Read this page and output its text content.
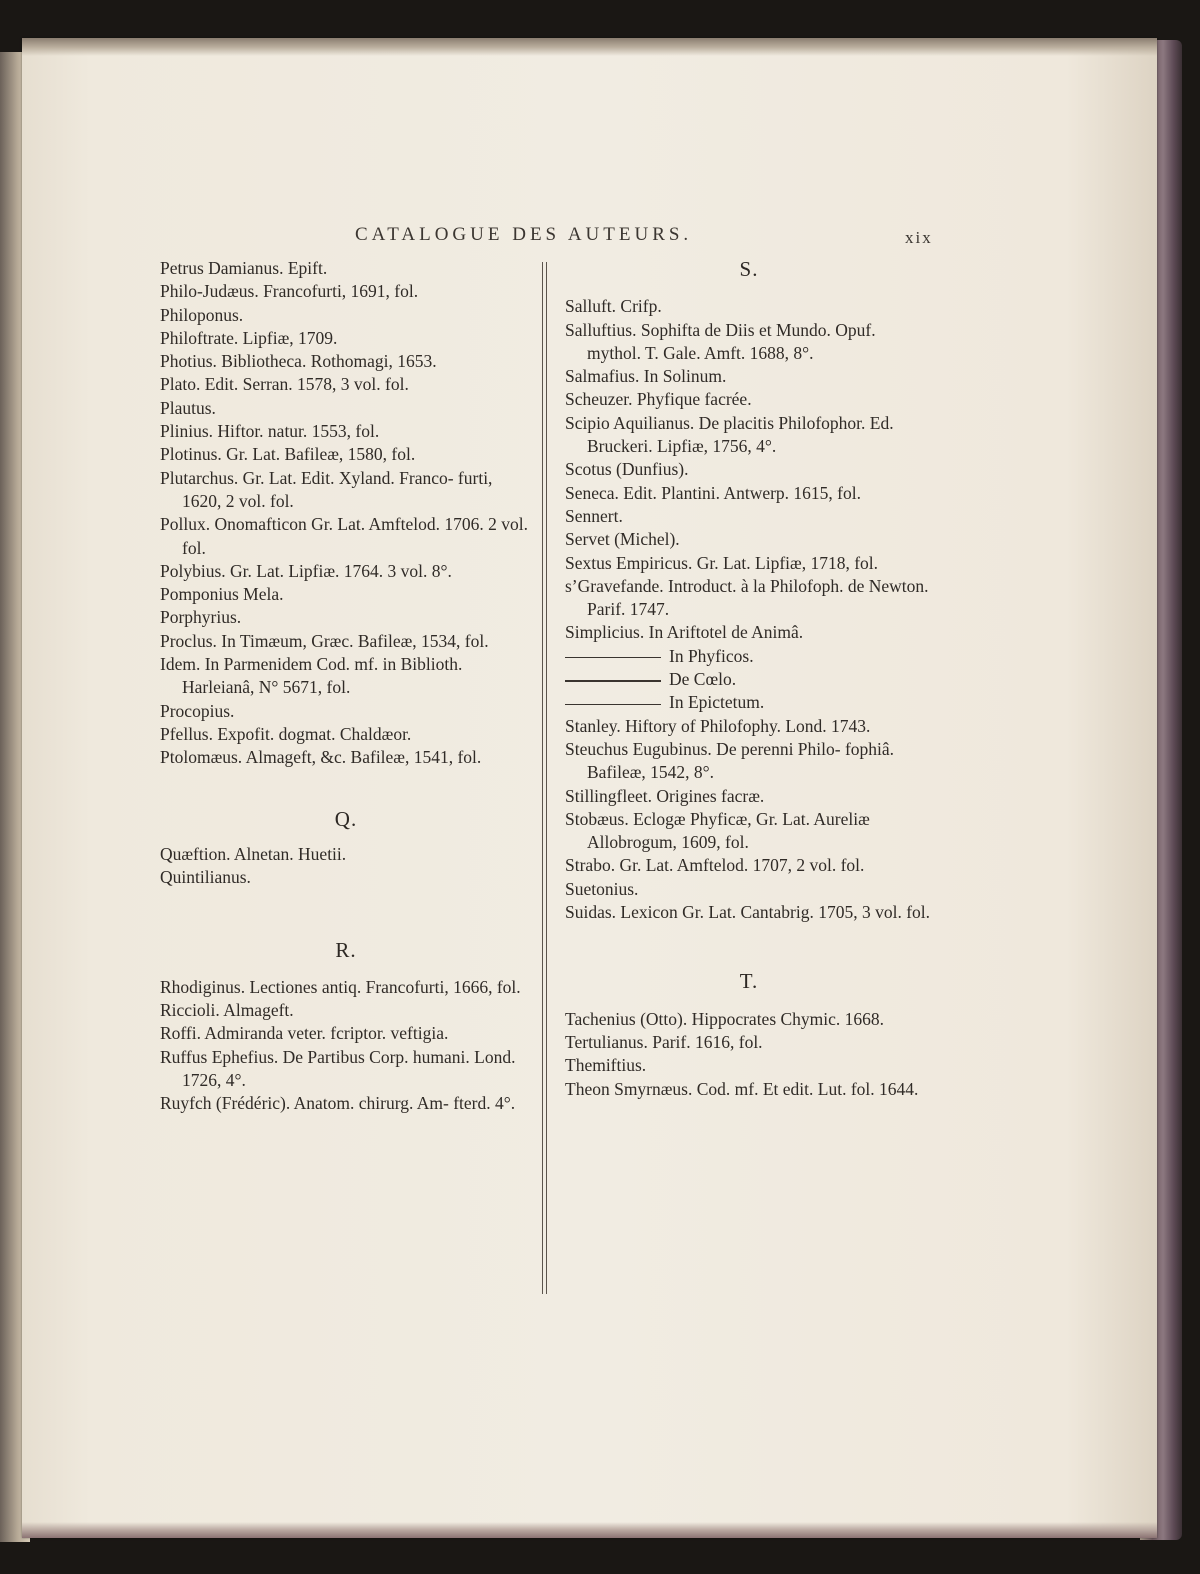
CATALOGUE DES AUTEURS.	xix

Petrus Damianus. Epift.

Philo-Judæus. Francofurti, 1691, fol.

Philoponus.

Philoftrate. Lipfiæ, 1709.

Photius. Bibliotheca. Rothomagi, 1653.

Plato. Edit. Serran. 1578, 3 vol. fol.

Plautus.

Plinius. Hiftor. natur. 1553, fol.

Plotinus. Gr. Lat. Bafileæ, 1580, fol.

Plutarchus. Gr. Lat. Edit. Xyland. Franco- furti, 1620, 2 vol. fol.

Pollux. Onomafticon Gr. Lat. Amftelod. 1706. 2 vol. fol.

Polybius. Gr. Lat. Lipfiæ. 1764. 3 vol. 8°.

Pomponius Mela.

Porphyrius.

Proclus. In Timæum, Græc. Bafileæ, 1534, fol.

Idem. In Parmenidem Cod. mf. in Biblioth. Harleianâ, N° 5671, fol.

Procopius.

Pfellus. Expofit. dogmat. Chaldæor.

Ptolomæus. Almageft, &c. Bafileæ, 1541, fol.

Q.

Quæftion. Alnetan. Huetii.

Quintilianus.

R.

Rhodiginus. Lectiones antiq. Francofurti, 1666, fol.

Riccioli. Almageft.

Roffi. Admiranda veter. fcriptor. veftigia.

Ruffus Ephefius. De Partibus Corp. humani. Lond. 1726, 4°.

Ruyfch (Frédéric). Anatom. chirurg. Am- fterd. 4°.

S.

Salluft. Crifp.

Salluftius. Sophifta de Diis et Mundo. Opuf. mythol. T. Gale. Amft. 1688, 8°.

Salmafius. In Solinum.

Scheuzer. Phyfique facrée.

Scipio Aquilianus. De placitis Philofophor. Ed. Bruckeri. Lipfiæ, 1756, 4°.

Scotus (Dunfius).

Seneca. Edit. Plantini. Antwerp. 1615, fol.

Sennert.

Servet (Michel).

Sextus Empiricus. Gr. Lat. Lipfiæ, 1718, fol.

s’Gravefande. Introduct. à la Philofoph. de Newton. Parif. 1747.

Simplicius. In Ariftotel de Animâ.

In Phyficos.

De Cœlo.

In Epictetum.

Stanley. Hiftory of Philofophy. Lond. 1743.

Steuchus Eugubinus. De perenni Philo- fophiâ. Bafileæ, 1542, 8°.

Stillingfleet. Origines facræ.

Stobæus. Eclogæ Phyficæ, Gr. Lat. Aureliæ Allobrogum, 1609, fol.

Strabo. Gr. Lat. Amftelod. 1707, 2 vol. fol.

Suetonius.

Suidas. Lexicon Gr. Lat. Cantabrig. 1705, 3 vol. fol.

T.

Tachenius (Otto). Hippocrates Chymic. 1668.

Tertulianus. Parif. 1616, fol.

Themiftius.

Theon Smyrnæus. Cod. mf. Et edit. Lut. fol. 1644.
